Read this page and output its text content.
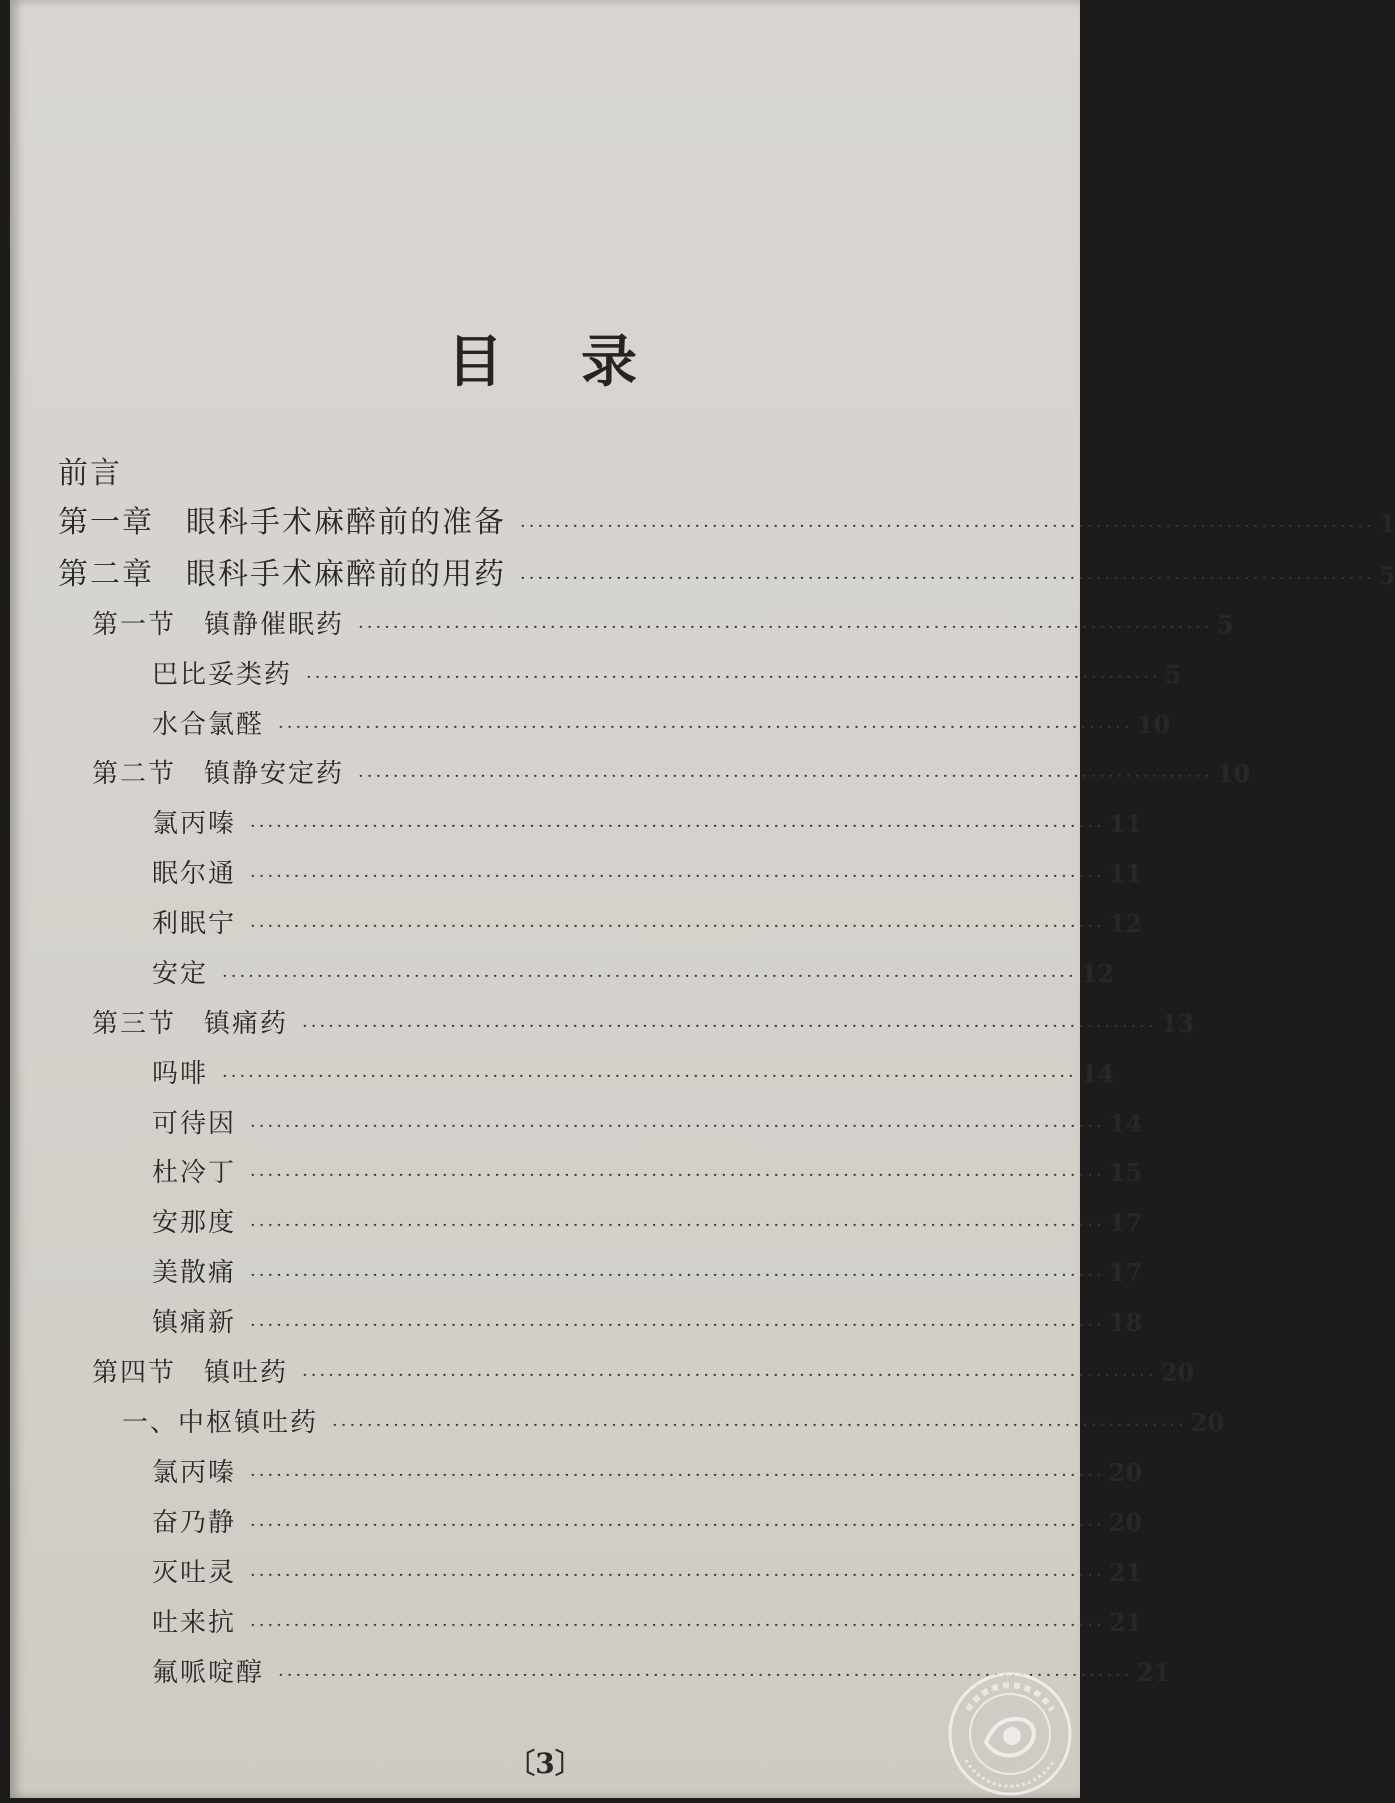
目 录
前言
第一章　眼科手术麻醉前的准备 ·································································································· 1
第二章　眼科手术麻醉前的用药 ·································································································· 5
第一节　镇静催眠药 ·································································································· 5
巴比妥类药 ·································································································· 5
水合氯醛 ·································································································· 10
第二节　镇静安定药 ·································································································· 10
氯丙嗪 ·································································································· 11
眠尔通 ·································································································· 11
利眠宁 ·································································································· 12
安定 ·································································································· 12
第三节　镇痛药 ·································································································· 13
吗啡 ·································································································· 14
可待因 ·································································································· 14
杜冷丁 ·································································································· 15
安那度 ·································································································· 17
美散痛 ·································································································· 17
镇痛新 ·································································································· 18
第四节　镇吐药 ·································································································· 20
一、中枢镇吐药 ·································································································· 20
氯丙嗪 ·································································································· 20
奋乃静 ·································································································· 20
灭吐灵 ·································································································· 21
吐来抗 ·································································································· 21
氟哌啶醇 ·································································································· 21
〔3〕
